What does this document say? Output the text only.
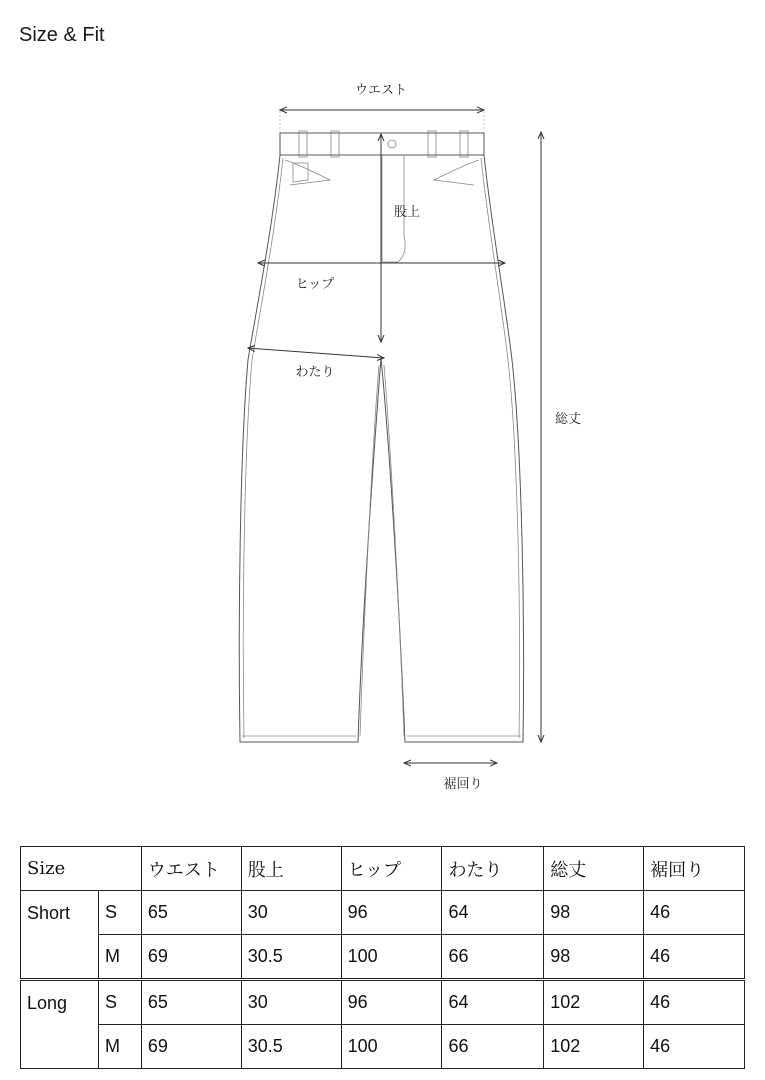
Size & Fit
ウエスト
股上
ヒップ
わたり
総丈
裾回り
Size		ウエスト	股上	ヒップ	わたり	総丈	裾回り
Short	S	65	30	96	64	98	46
	M	69	30.5	100	66	98	46
Long	S	65	30	96	64	102	46
	M	69	30.5	100	66	102	46
